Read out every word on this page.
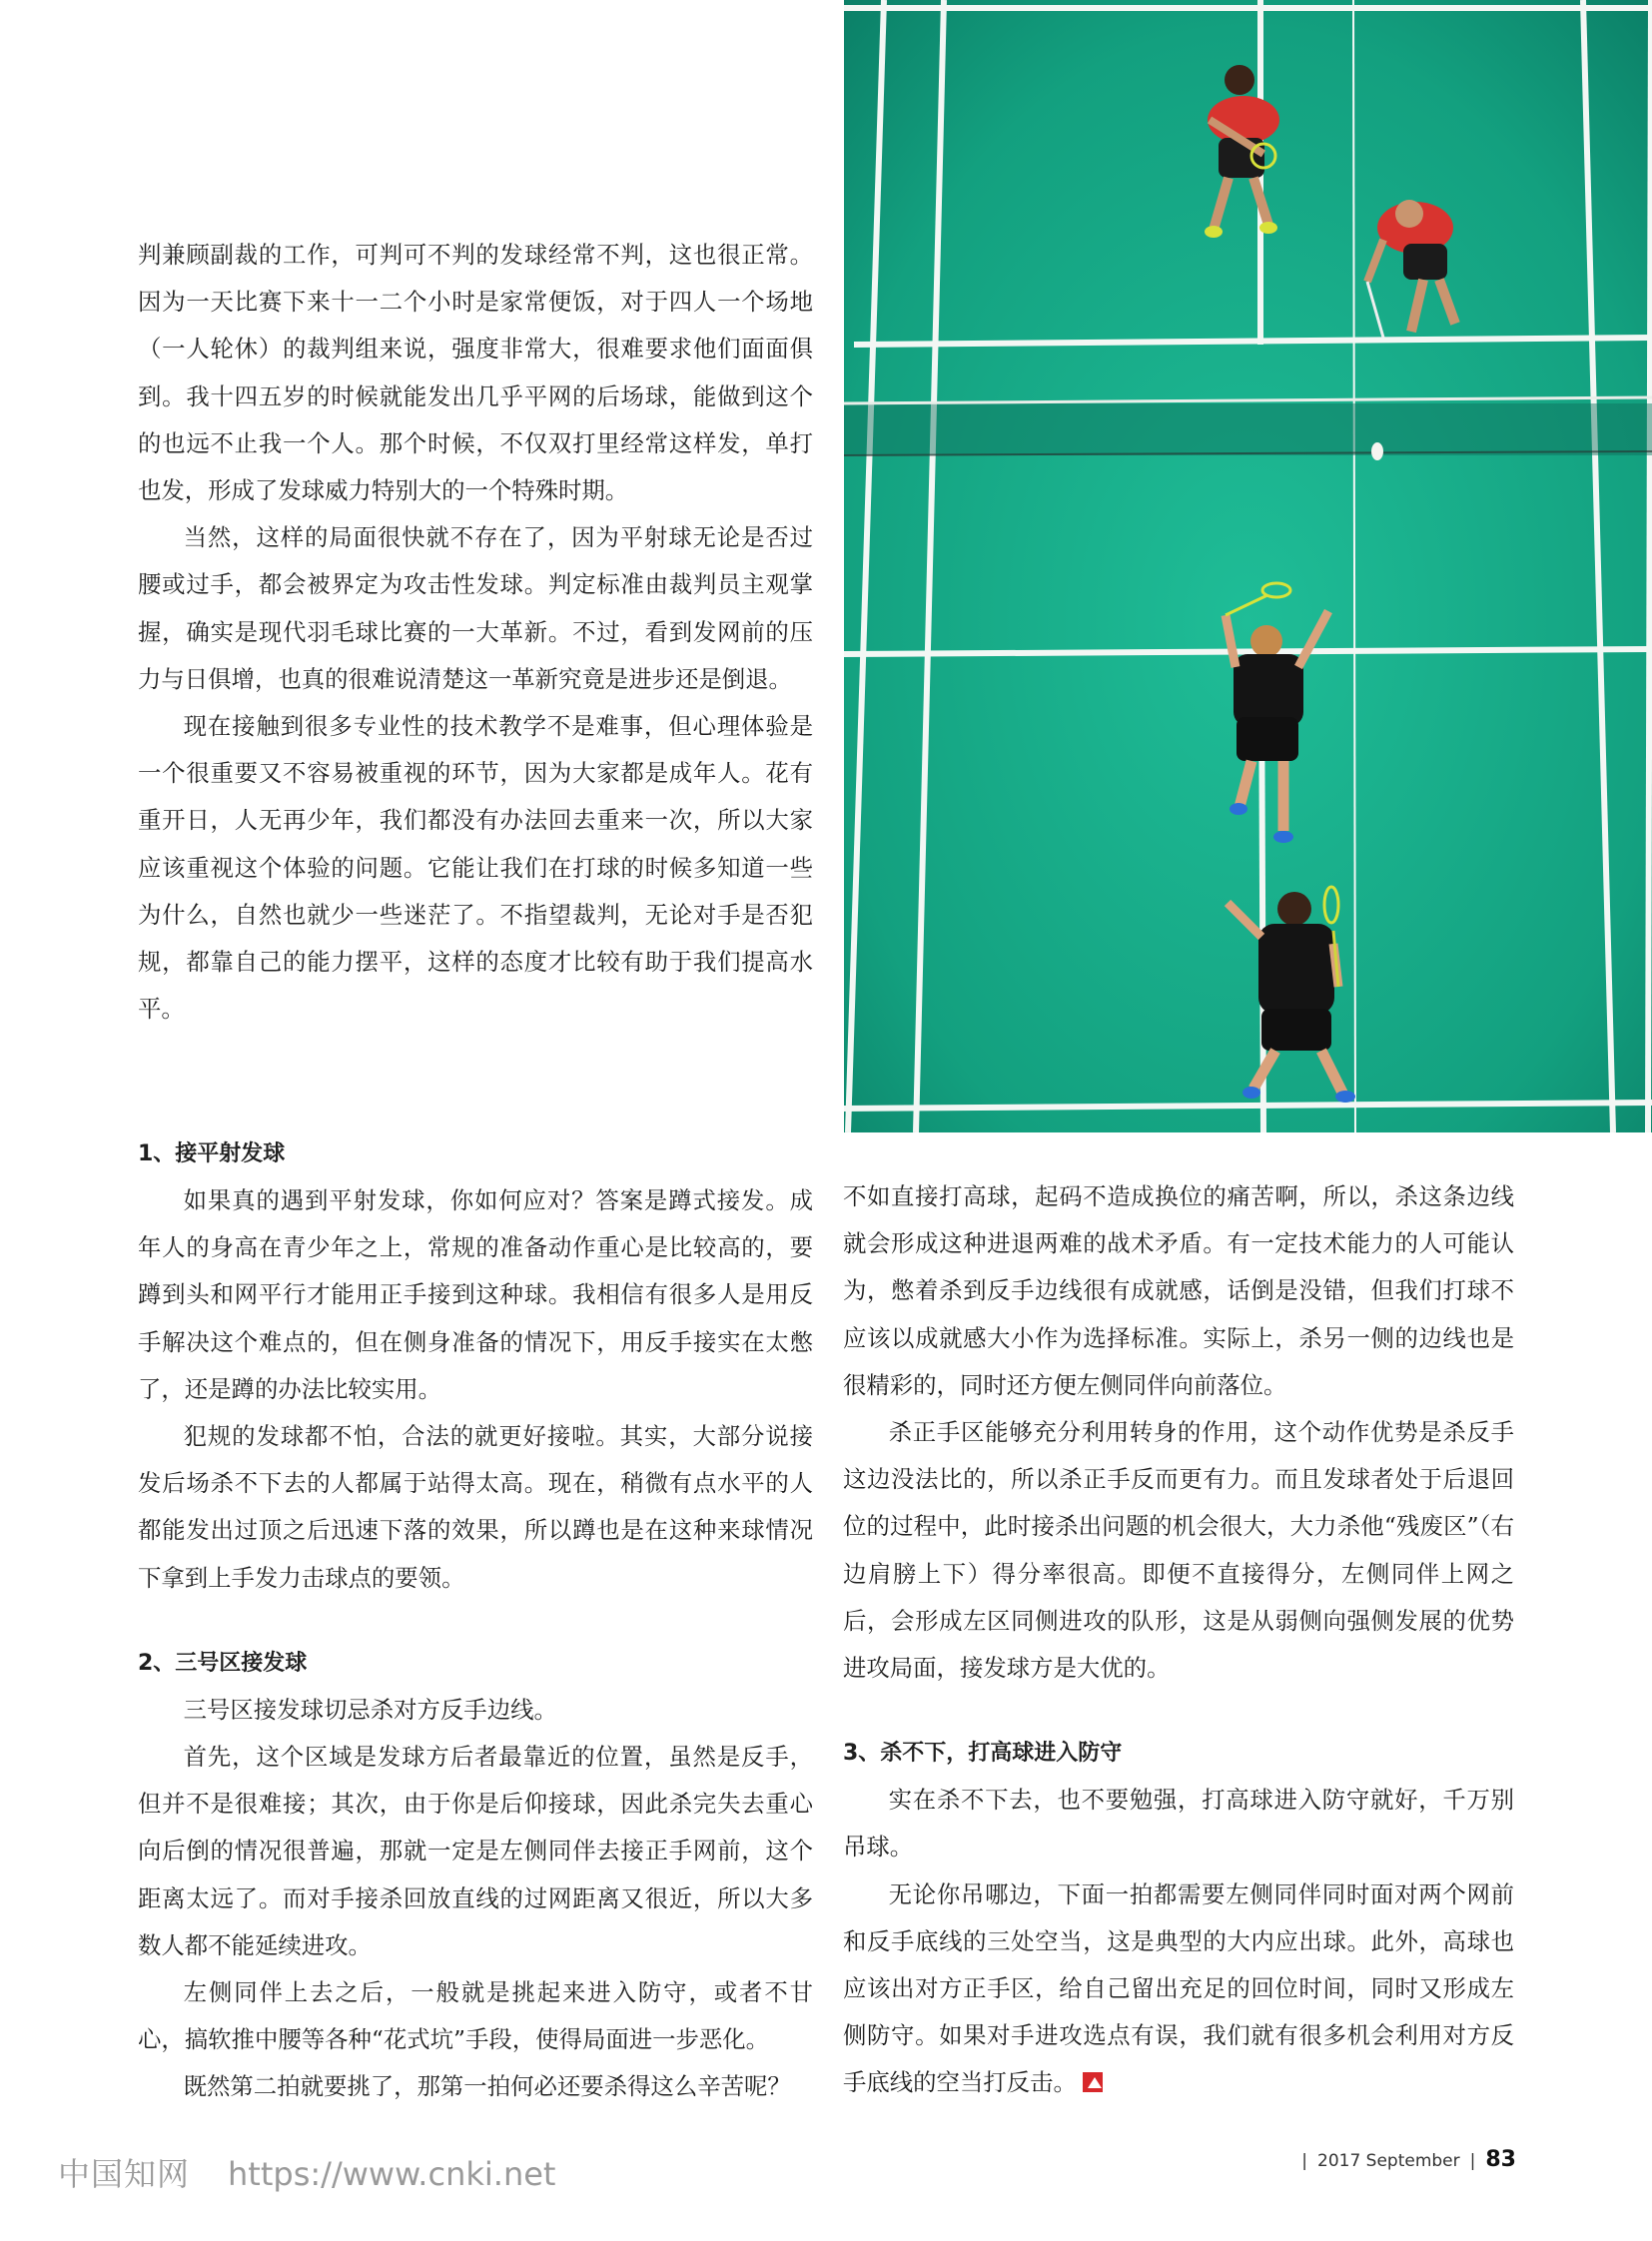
判兼顾副裁的工作，可判可不判的发球经常不判，这也很正常。因为一天比赛下来十一二个小时是家常便饭，对于四人一个场地（一人轮休）的裁判组来说，强度非常大，很难要求他们面面俱到。我十四五岁的时候就能发出几乎平网的后场球，能做到这个的也远不止我一个人。那个时候，不仅双打里经常这样发，单打也发，形成了发球威力特别大的一个特殊时期。

当然，这样的局面很快就不存在了，因为平射球无论是否过腰或过手，都会被界定为攻击性发球。判定标准由裁判员主观掌握，确实是现代羽毛球比赛的一大革新。不过，看到发网前的压力与日俱增，也真的很难说清楚这一革新究竟是进步还是倒退。

现在接触到很多专业性的技术教学不是难事，但心理体验是一个很重要又不容易被重视的环节，因为大家都是成年人。花有重开日，人无再少年，我们都没有办法回去重来一次，所以大家应该重视这个体验的问题。它能让我们在打球的时候多知道一些为什么，自然也就少一些迷茫了。不指望裁判，无论对手是否犯规，都靠自己的能力摆平，这样的态度才比较有助于我们提高水平。

1、接平射发球

如果真的遇到平射发球，你如何应对？答案是蹲式接发。成年人的身高在青少年之上，常规的准备动作重心是比较高的，要蹲到头和网平行才能用正手接到这种球。我相信有很多人是用反手解决这个难点的，但在侧身准备的情况下，用反手接实在太憋了，还是蹲的办法比较实用。

犯规的发球都不怕，合法的就更好接啦。其实，大部分说接发后场杀不下去的人都属于站得太高。现在，稍微有点水平的人都能发出过顶之后迅速下落的效果，所以蹲也是在这种来球情况下拿到上手发力击球点的要领。

2、三号区接发球

三号区接发球切忌杀对方反手边线。

首先，这个区域是发球方后者最靠近的位置，虽然是反手，但并不是很难接；其次，由于你是后仰接球，因此杀完失去重心向后倒的情况很普遍，那就一定是左侧同伴去接正手网前，这个距离太远了。而对手接杀回放直线的过网距离又很近，所以大多数人都不能延续进攻。

左侧同伴上去之后，一般就是挑起来进入防守，或者不甘心，搞软推中腰等各种“花式坑”手段，使得局面进一步恶化。

既然第二拍就要挑了，那第一拍何必还要杀得这么辛苦呢？

不如直接打高球，起码不造成换位的痛苦啊，所以，杀这条边线就会形成这种进退两难的战术矛盾。有一定技术能力的人可能认为，憋着杀到反手边线很有成就感，话倒是没错，但我们打球不应该以成就感大小作为选择标准。实际上，杀另一侧的边线也是很精彩的，同时还方便左侧同伴向前落位。

杀正手区能够充分利用转身的作用，这个动作优势是杀反手这边没法比的，所以杀正手反而更有力。而且发球者处于后退回位的过程中，此时接杀出问题的机会很大，大力杀他“残废区”（右边肩膀上下）得分率很高。即便不直接得分，左侧同伴上网之后，会形成左区同侧进攻的队形，这是从弱侧向强侧发展的优势进攻局面，接发球方是大优的。

3、杀不下，打高球进入防守

实在杀不下去，也不要勉强，打高球进入防守就好，千万别吊球。

无论你吊哪边，下面一拍都需要左侧同伴同时面对两个网前和反手底线的三处空当，这是典型的大内应出球。此外，高球也应该出对方正手区，给自己留出充足的回位时间，同时又形成左侧防守。如果对手进攻选点有误，我们就有很多机会利用对方反手底线的空当打反击。

中国知网 https://www.cnki.net	| 2017 September | 83
